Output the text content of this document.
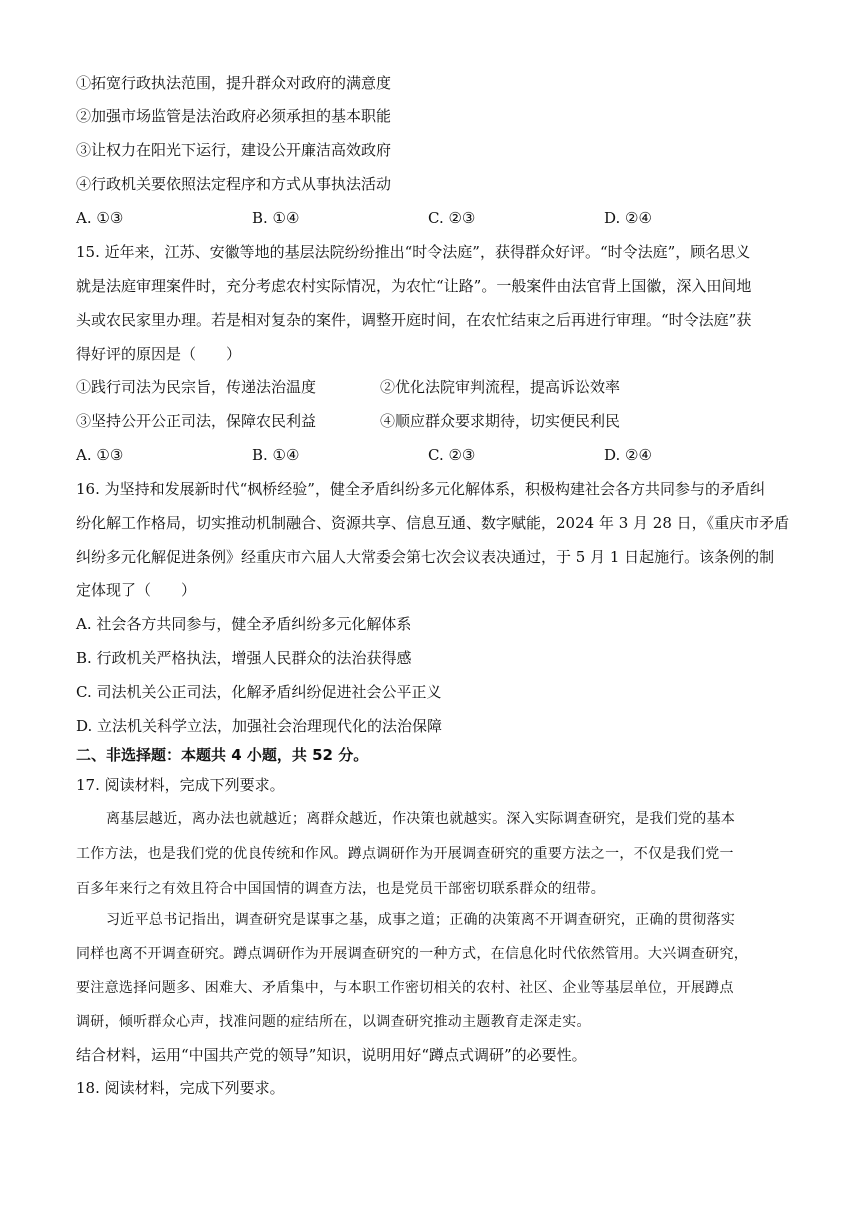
①拓宽行政执法范围，提升群众对政府的满意度
②加强市场监管是法治政府必须承担的基本职能
③让权力在阳光下运行，建设公开廉洁高效政府
④行政机关要依照法定程序和方式从事执法活动
A. ①③	B. ①④	C. ②③	D. ②④
15. 近年来，江苏、安徽等地的基层法院纷纷推出“时令法庭”，获得群众好评。“时令法庭”，顾名思义
就是法庭审理案件时，充分考虑农村实际情况，为农忙“让路”。一般案件由法官背上国徽，深入田间地
头或农民家里办理。若是相对复杂的案件，调整开庭时间，在农忙结束之后再进行审理。“时令法庭”获
得好评的原因是（　　）
①践行司法为民宗旨，传递法治温度	②优化法院审判流程，提高诉讼效率
③坚持公开公正司法，保障农民利益	④顺应群众要求期待，切实便民利民
A. ①③	B. ①④	C. ②③	D. ②④
16. 为坚持和发展新时代“枫桥经验”，健全矛盾纠纷多元化解体系，积极构建社会各方共同参与的矛盾纠
纷化解工作格局，切实推动机制融合、资源共享、信息互通、数字赋能，2024 年 3 月 28 日，《重庆市矛盾
纠纷多元化解促进条例》经重庆市六届人大常委会第七次会议表决通过，于 5 月 1 日起施行。该条例的制
定体现了（　　）
A. 社会各方共同参与，健全矛盾纠纷多元化解体系
B. 行政机关严格执法，增强人民群众的法治获得感
C. 司法机关公正司法，化解矛盾纠纷促进社会公平正义
D. 立法机关科学立法，加强社会治理现代化的法治保障
二、非选择题：本题共 4 小题，共 52 分。
17. 阅读材料，完成下列要求。
离基层越近，离办法也就越近；离群众越近，作决策也就越实。深入实际调查研究，是我们党的基本
工作方法，也是我们党的优良传统和作风。蹲点调研作为开展调查研究的重要方法之一，不仅是我们党一
百多年来行之有效且符合中国国情的调查方法，也是党员干部密切联系群众的纽带。
习近平总书记指出，调查研究是谋事之基，成事之道；正确的决策离不开调查研究，正确的贯彻落实
同样也离不开调查研究。蹲点调研作为开展调查研究的一种方式，在信息化时代依然管用。大兴调查研究，
要注意选择问题多、困难大、矛盾集中，与本职工作密切相关的农村、社区、企业等基层单位，开展蹲点
调研，倾听群众心声，找准问题的症结所在，以调查研究推动主题教育走深走实。
结合材料，运用“中国共产党的领导”知识，说明用好“蹲点式调研”的必要性。
18. 阅读材料，完成下列要求。
